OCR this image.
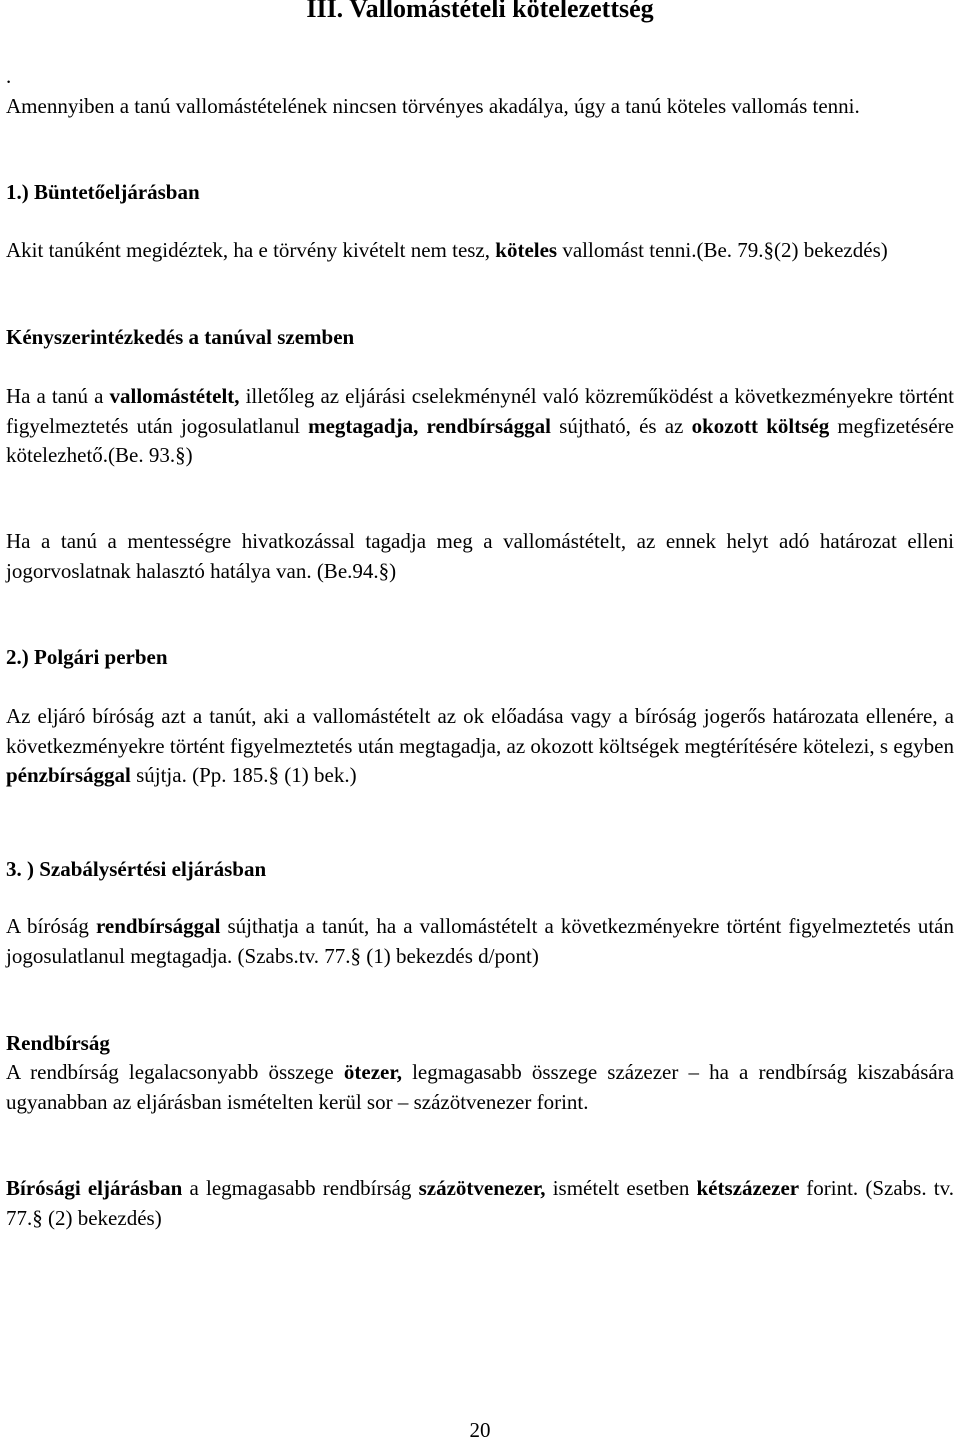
III. Vallomástételi kötelezettség

.

Amennyiben a tanú vallomástételének nincsen törvényes akadálya, úgy a tanú köteles vallomás tenni.

1.) Büntetőeljárásban

Akit tanúként megidéztek, ha e törvény kivételt nem tesz, köteles vallomást tenni.(Be. 79.§(2) bekezdés)

Kényszerintézkedés a tanúval szemben

Ha a tanú a vallomástételt, illetőleg az eljárási cselekménynél való közreműködést a következményekre történt figyelmeztetés után jogosulatlanul megtagadja, rendbírsággal sújtható, és az okozott költség megfizetésére kötelezhető.(Be. 93.§)

Ha a tanú a mentességre hivatkozással tagadja meg a vallomástételt, az ennek helyt adó határozat elleni jogorvoslatnak halasztó hatálya van. (Be.94.§)

2.) Polgári perben

Az eljáró bíróság azt a tanút, aki a vallomástételt az ok előadása vagy a bíróság jogerős határozata ellenére, a következményekre történt figyelmeztetés után megtagadja, az okozott költségek megtérítésére kötelezi, s egyben pénzbírsággal sújtja. (Pp. 185.§ (1) bek.)

3. ) Szabálysértési eljárásban

A bíróság rendbírsággal sújthatja a tanút, ha a vallomástételt a következményekre történt figyelmeztetés után jogosulatlanul megtagadja. (Szabs.tv. 77.§ (1) bekezdés d/pont)

Rendbírság

A rendbírság legalacsonyabb összege ötezer, legmagasabb összege százezer – ha a rendbírság kiszabására ugyanabban az eljárásban ismételten kerül sor – százötvenezer forint.

Bírósági eljárásban a legmagasabb rendbírság százötvenezer, ismételt esetben kétszázezer forint. (Szabs. tv. 77.§ (2) bekezdés)

20
